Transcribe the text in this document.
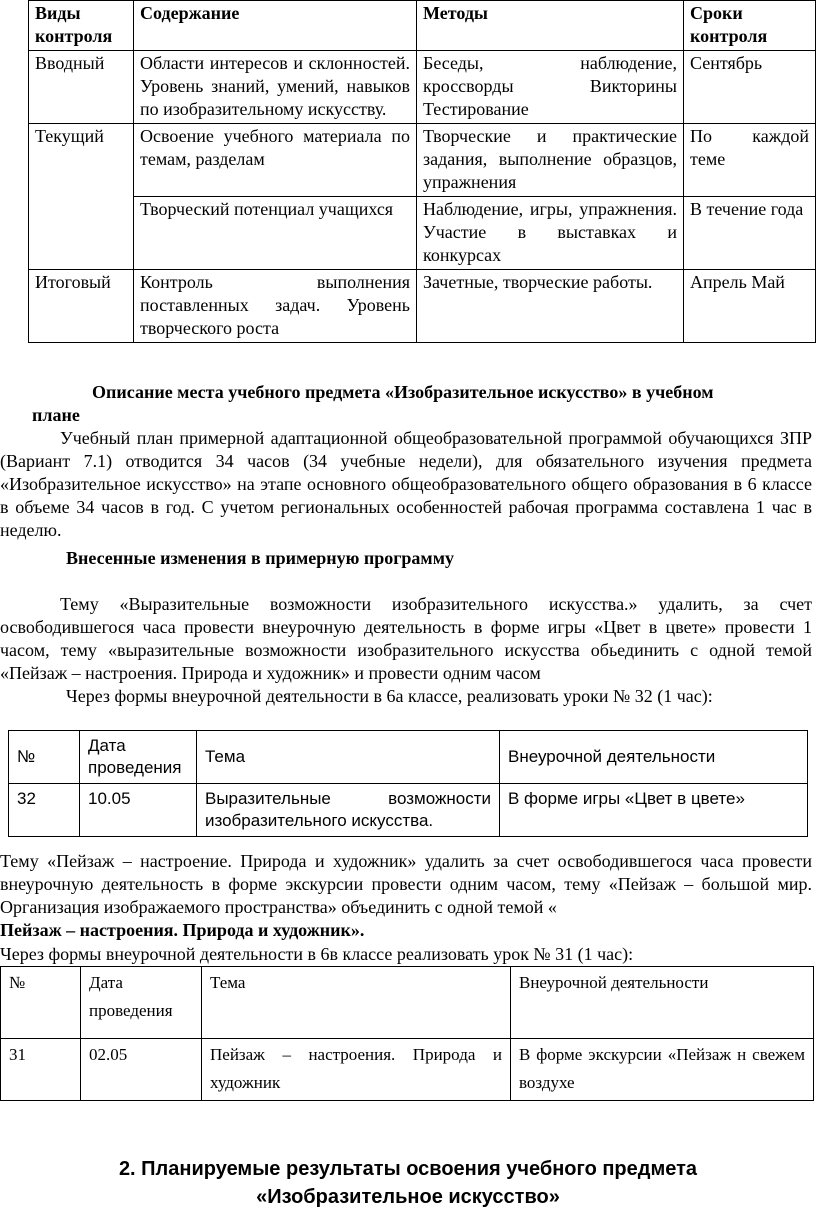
Виды контроля	Содержание	Методы	Сроки контроля
Вводный	Области интересов и склонностей. Уровень знаний, умений, навыков по изобразительному искусству.	Беседы, наблюдение, кроссворды Викторины Тестирование	Сентябрь
Текущий	Освоение учебного материала по темам, разделам	Творческие и практические задания, выполнение образцов, упражнения	По каждой теме
	Творческий потенциал учащихся	Наблюдение, игры, упражнения. Участие в выставках и конкурсах	В течение года
Итоговый	Контроль выполнения поставленных задач. Уровень творческого роста	Зачетные, творческие работы.	Апрель Май
Описание места учебного предмета «Изобразительное искусство» в учебном
плане
Учебный план примерной адаптационной общеобразовательной программой обучающихся ЗПР (Вариант 7.1) отводится 34 часов (34 учебные недели), для обязательного изучения предмета «Изобразительное искусство» на этапе основного общеобразовательного общего образования в 6 классе в объеме 34 часов в год. С учетом региональных особенностей рабочая программа составлена 1 час в неделю.
Внесенные изменения в примерную программу
Тему «Выразительные возможности изобразительного искусства.» удалить, за счет освободившегося часа провести внеурочную деятельность в форме игры «Цвет в цвете» провести 1 часом, тему «выразительные возможности изобразительного искусства обьединить с одной темой «Пейзаж – настроения. Природа и художник» и провести одним часом
Через формы внеурочной деятельности в 6а классе, реализовать уроки № 32 (1 час):
№	Дата проведения	Тема	Внеурочной деятельности
32	10.05	Выразительные возможности изобразительного искусства.	В форме игры «Цвет в цвете»
Тему «Пейзаж – настроение. Природа и художник» удалить за счет освободившегося часа провести внеурочную деятельность в форме экскурсии провести одним часом, тему «Пейзаж – большой мир. Организация изображаемого пространства» объединить с одной темой «
Пейзаж – настроения. Природа и художник».
Через формы внеурочной деятельности в 6в классе реализовать урок № 31 (1 час):
№	Дата проведения	Тема	Внеурочной деятельности
31	02.05	Пейзаж – настроения. Природа и художник	В форме экскурсии «Пейзаж н свежем воздухе
2. Планируемые результаты освоения учебного предмета
«Изобразительное искусство»
